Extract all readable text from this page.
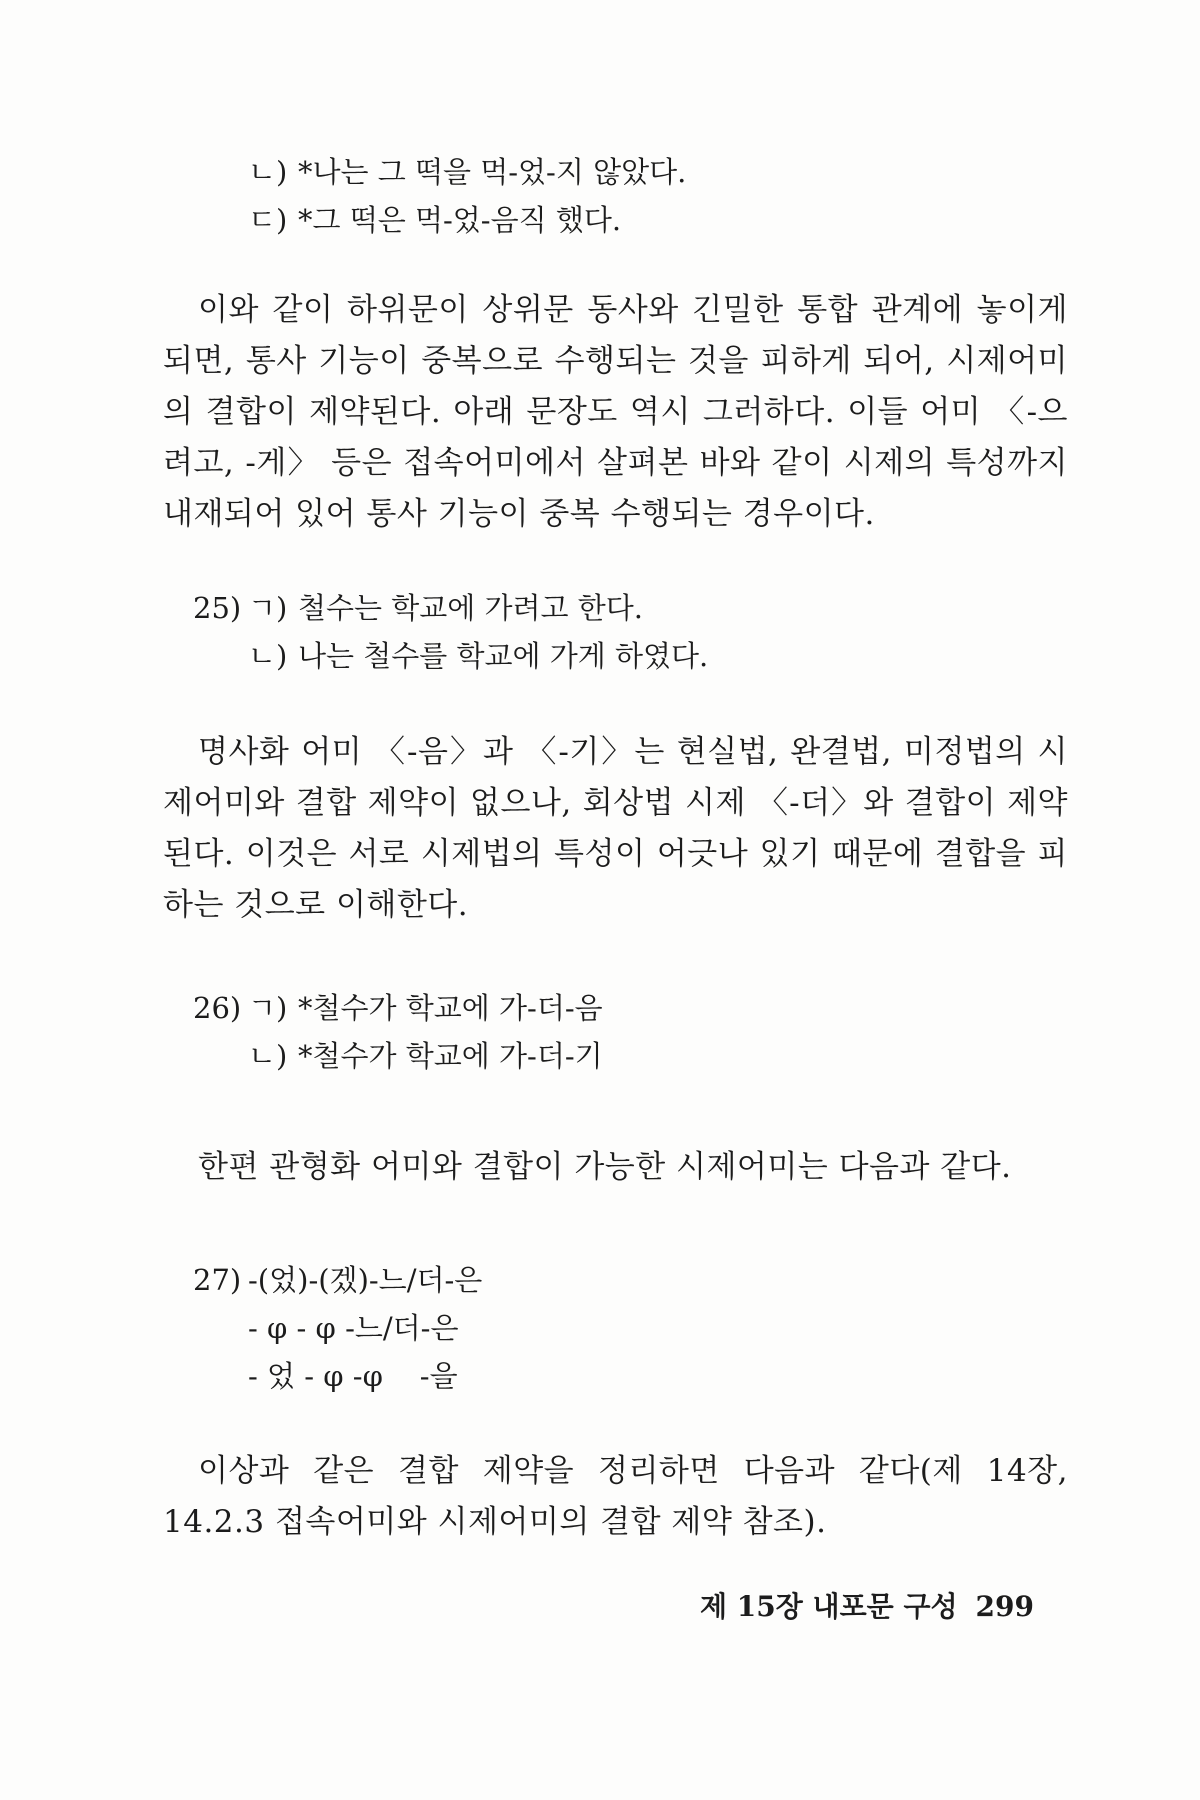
ㄴ) *나는 그 떡을 먹-었-지 않았다.
ㄷ) *그 떡은 먹-었-음직 했다.
이와 같이 하위문이 상위문 동사와 긴밀한 통합 관계에 놓이게 되면, 통사 기능이 중복으로 수행되는 것을 피하게 되어, 시제어미의 결합이 제약된다. 아래 문장도 역시 그러하다. 이들 어미 〈-으려고, -게〉 등은 접속어미에서 살펴본 바와 같이 시제의 특성까지 내재되어 있어 통사 기능이 중복 수행되는 경우이다.
25) ㄱ) 철수는 학교에 가려고 한다.
ㄴ) 나는 철수를 학교에 가게 하였다.
명사화 어미 〈-음〉과 〈-기〉는 현실법, 완결법, 미정법의 시제어미와 결합 제약이 없으나, 회상법 시제 〈-더〉와 결합이 제약된다. 이것은 서로 시제법의 특성이 어긋나 있기 때문에 결합을 피하는 것으로 이해한다.
26) ㄱ) *철수가 학교에 가-더-음
ㄴ) *철수가 학교에 가-더-기
한편 관형화 어미와 결합이 가능한 시제어미는 다음과 같다.
27) -(었)-(겠)-느/더-은
- φ - φ -느/더-은
- 었 - φ -φ    -을
이상과 같은 결합 제약을 정리하면 다음과 같다(제 14장, 14.2.3 접속어미와 시제어미의 결합 제약 참조).
제 15장 내포문 구성 299
